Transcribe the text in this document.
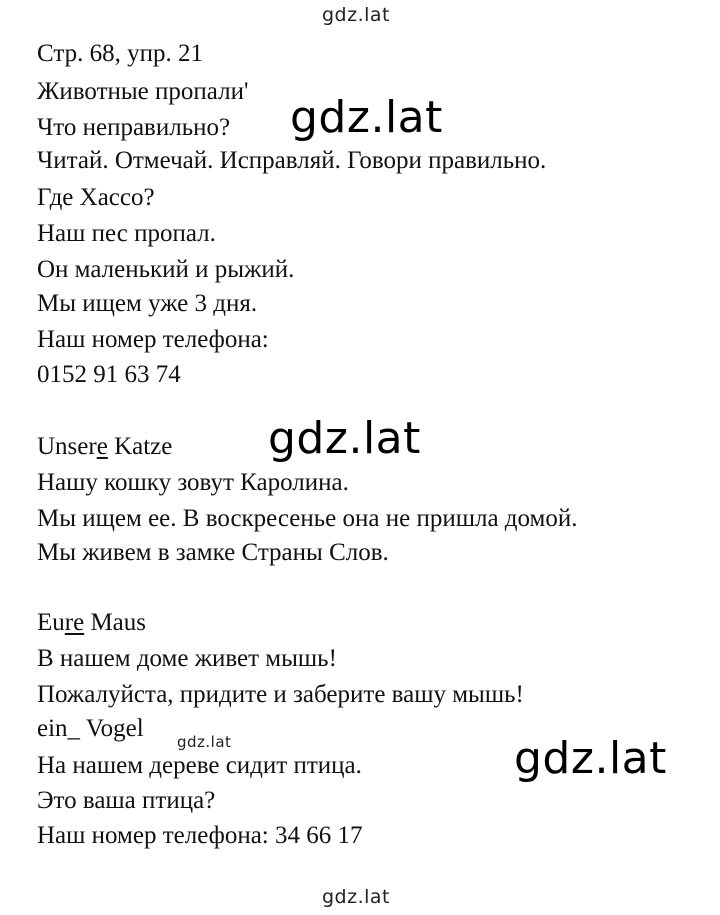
gdz.lat
gdz.lat
gdz.lat
gdz.lat	gdz.lat
gdz.lat
Стр. 68, упр. 21
Животные пропали'
Что неправильно?
Читай. Отмечай. Исправляй. Говори правильно.
Где Хассо?
Наш пес пропал.
Он маленький и рыжий.
Мы ищем уже 3 дня.
Наш номер телефона:
0152 91 63 74
Unsere Katze
Нашу кошку зовут Каролина.
Мы ищем ее. В воскресенье она не пришла домой.
Мы живем в замке Страны Слов.
Eure Maus
В нашем доме живет мышь!
Пожалуйста, придите и заберите вашу мышь!
ein_ Vogel
На нашем дереве сидит птица.
Это ваша птица?
Наш номер телефона: 34 66 17
